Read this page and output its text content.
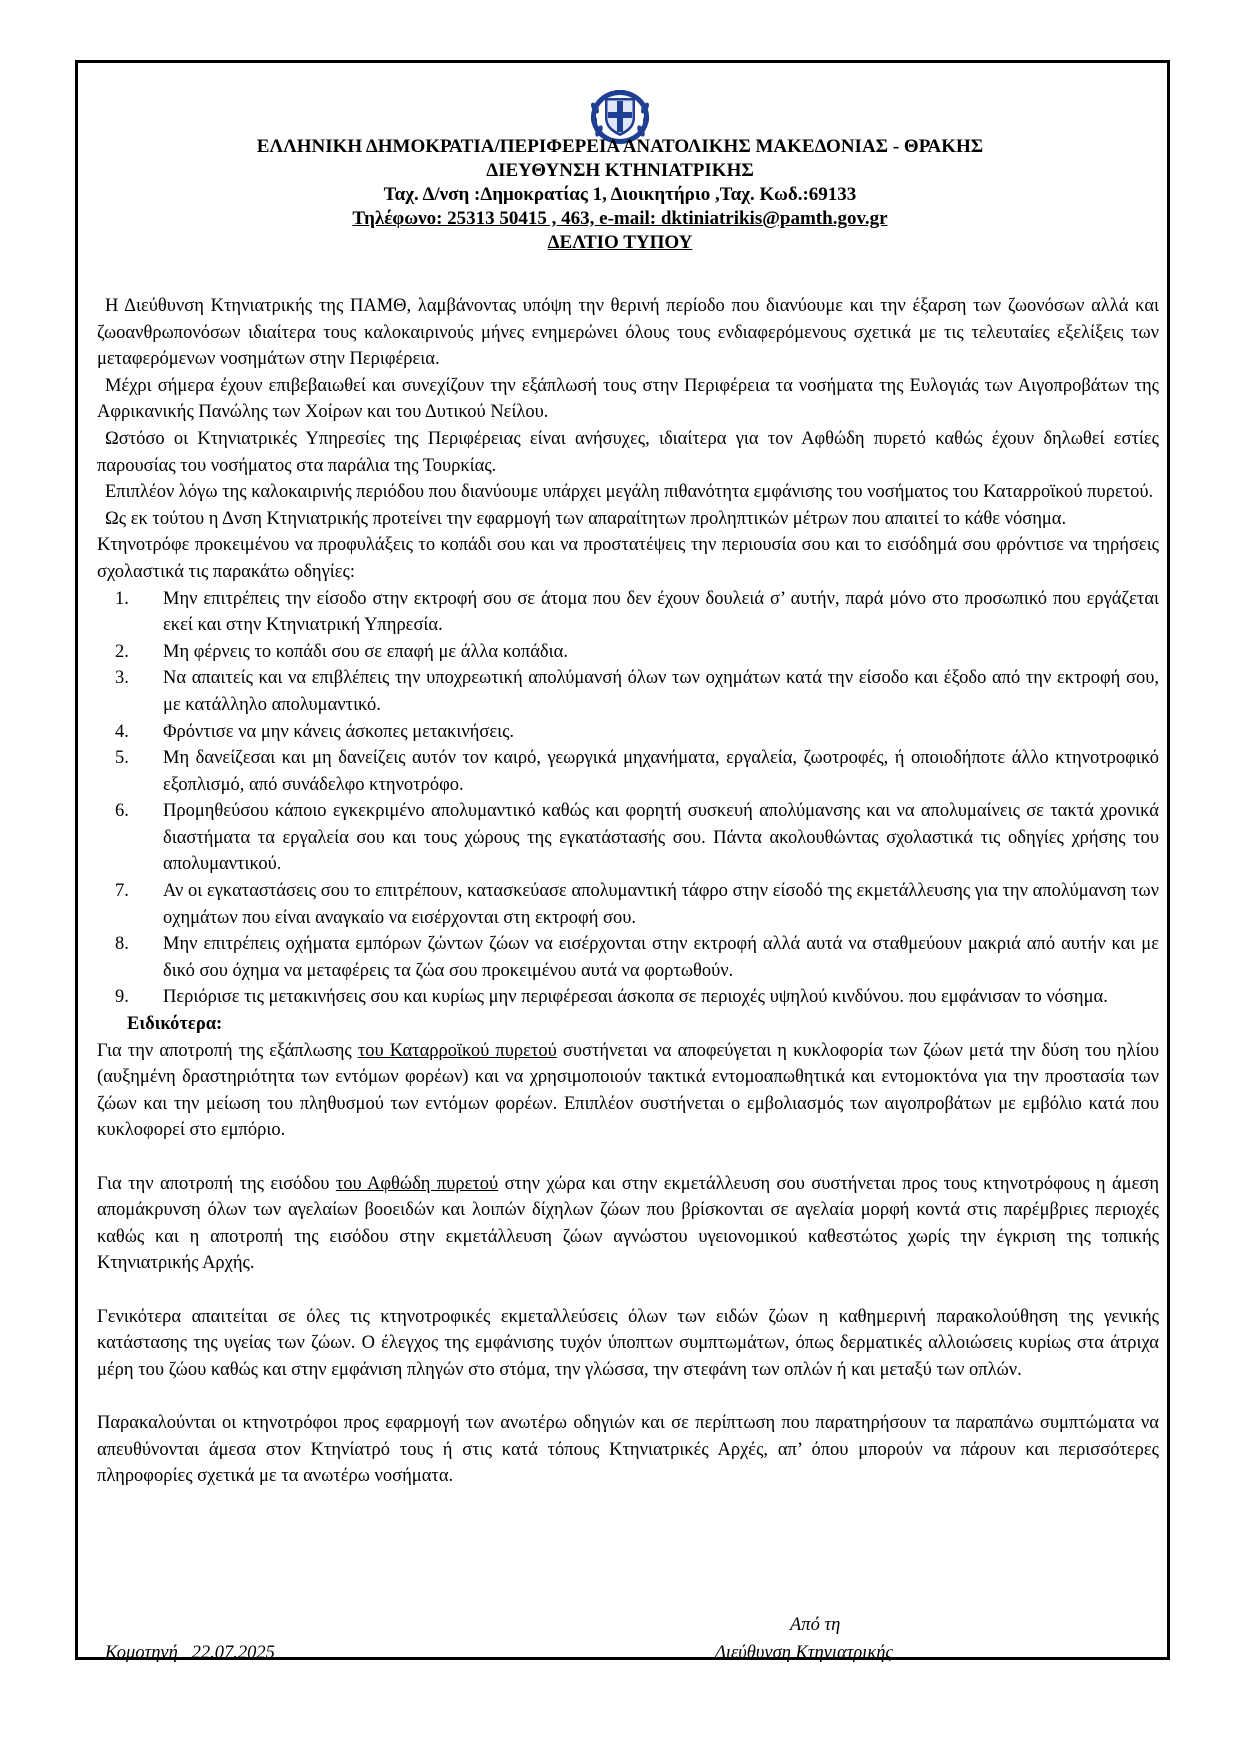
ΕΛΛΗΝΙΚΗ ΔΗΜΟΚΡΑΤΙΑ/ΠΕΡΙΦΕΡΕΙΑ ΑΝΑΤΟΛΙΚΗΣ ΜΑΚΕΔΟΝΙΑΣ - ΘΡΑΚΗΣ
ΔΙΕΥΘΥΝΣΗ ΚΤΗΝΙΑΤΡΙΚΗΣ
Ταχ. Δ/νση :Δημοκρατίας 1, Διοικητήριο ,Ταχ. Κωδ.:69133
Τηλέφωνο: 25313 50415 , 463, e-mail: dktiniatrikis@pamth.gov.gr
ΔΕΛΤΙΟ ΤΥΠΟΥ

Η Διεύθυνση Κτηνιατρικής της ΠΑΜΘ, λαμβάνοντας υπόψη την θερινή περίοδο που διανύουμε και την έξαρση των ζωονόσων αλλά και ζωοανθρωπονόσων ιδιαίτερα τους καλοκαιρινούς μήνες ενημερώνει όλους τους ενδιαφερόμενους σχετικά με τις τελευταίες εξελίξεις των μεταφερόμενων νοσημάτων στην Περιφέρεια.

Μέχρι σήμερα έχουν επιβεβαιωθεί και συνεχίζουν την εξάπλωσή τους στην Περιφέρεια τα νοσήματα της Ευλογιάς των Αιγοπροβάτων της Αφρικανικής Πανώλης των Χοίρων και του Δυτικού Νείλου.

Ωστόσο οι Κτηνιατρικές Υπηρεσίες της Περιφέρειας είναι ανήσυχες, ιδιαίτερα για τον Αφθώδη πυρετό καθώς έχουν δηλωθεί εστίες παρουσίας του νοσήματος στα παράλια της Τουρκίας.

Επιπλέον λόγω της καλοκαιρινής περιόδου που διανύουμε υπάρχει μεγάλη πιθανότητα εμφάνισης του νοσήματος του Καταρροϊκού πυρετού.

Ως εκ τούτου η Δνση Κτηνιατρικής προτείνει την εφαρμογή των απαραίτητων προληπτικών μέτρων που απαιτεί το κάθε νόσημα.

Κτηνοτρόφε προκειμένου να προφυλάξεις το κοπάδι σου και να προστατέψεις την περιουσία σου και το εισόδημά σου φρόντισε να τηρήσεις σχολαστικά τις παρακάτω οδηγίες:

1.	Μην επιτρέπεις την είσοδο στην εκτροφή σου σε άτομα που δεν έχουν δουλειά σ’ αυτήν, παρά μόνο στο προσωπικό που εργάζεται εκεί και στην Κτηνιατρική Υπηρεσία.
2.	Μη φέρνεις το κοπάδι σου σε επαφή με άλλα κοπάδια.
3.	Να απαιτείς και να επιβλέπεις την υποχρεωτική απολύμανσή όλων των οχημάτων κατά την είσοδο και έξοδο από την εκτροφή σου, με κατάλληλο απολυμαντικό.
4.	Φρόντισε να μην κάνεις άσκοπες μετακινήσεις.
5.	Μη δανείζεσαι και μη δανείζεις αυτόν τον καιρό, γεωργικά μηχανήματα, εργαλεία, ζωοτροφές, ή οποιοδήποτε άλλο κτηνοτροφικό εξοπλισμό, από συνάδελφο κτηνοτρόφο.
6.	Προμηθεύσου κάποιο εγκεκριμένο απολυμαντικό καθώς και φορητή συσκευή απολύμανσης και να απολυμαίνεις σε τακτά χρονικά διαστήματα τα εργαλεία σου και τους χώρους της εγκατάστασής σου. Πάντα ακολουθώντας σχολαστικά τις οδηγίες χρήσης του απολυμαντικού.
7.	Αν οι εγκαταστάσεις σου το επιτρέπουν, κατασκεύασε απολυμαντική τάφρο στην είσοδό της εκμετάλλευσης για την απολύμανση των οχημάτων που είναι αναγκαίο να εισέρχονται στη εκτροφή σου.
8.	Μην επιτρέπεις οχήματα εμπόρων ζώντων ζώων να εισέρχονται στην εκτροφή αλλά αυτά να σταθμεύουν μακριά από αυτήν και με δικό σου όχημα να μεταφέρεις τα ζώα σου προκειμένου αυτά να φορτωθούν.
9.	Περιόρισε τις μετακινήσεις σου και κυρίως μην περιφέρεσαι άσκοπα σε περιοχές υψηλού κινδύνου. που εμφάνισαν το νόσημα.

Ειδικότερα:

Για την αποτροπή της εξάπλωσης του Καταρροϊκού πυρετού συστήνεται να αποφεύγεται η κυκλοφορία των ζώων μετά την δύση του ηλίου (αυξημένη δραστηριότητα των εντόμων φορέων) και να χρησιμοποιούν τακτικά εντομοαπωθητικά και εντομοκτόνα για την προστασία των ζώων και την μείωση του πληθυσμού των εντόμων φορέων. Επιπλέον συστήνεται ο εμβολιασμός των αιγοπροβάτων με εμβόλιο κατά που κυκλοφορεί στο εμπόριο.

Για την αποτροπή της εισόδου του Αφθώδη πυρετού στην χώρα και στην εκμετάλλευση σου συστήνεται προς τους κτηνοτρόφους η άμεση απομάκρυνση όλων των αγελαίων βοοειδών και λοιπών δίχηλων ζώων που βρίσκονται σε αγελαία μορφή κοντά στις παρέμβριες περιοχές καθώς και η αποτροπή της εισόδου στην εκμετάλλευση ζώων αγνώστου υγειονομικού καθεστώτος χωρίς την έγκριση της τοπικής Κτηνιατρικής Αρχής.

Γενικότερα απαιτείται σε όλες τις κτηνοτροφικές εκμεταλλεύσεις όλων των ειδών ζώων η καθημερινή παρακολούθηση της γενικής κατάστασης της υγείας των ζώων. Ο έλεγχος της εμφάνισης τυχόν ύποπτων συμπτωμάτων, όπως δερματικές αλλοιώσεις κυρίως στα άτριχα μέρη του ζώου καθώς και στην εμφάνιση πληγών στο στόμα, την γλώσσα, την στεφάνη των οπλών ή και μεταξύ των οπλών.

Παρακαλούνται οι κτηνοτρόφοι προς εφαρμογή των ανωτέρω οδηγιών και σε περίπτωση που παρατηρήσουν τα παραπάνω συμπτώματα να απευθύνονται άμεσα στον Κτηνίατρό τους ή στις κατά τόπους Κτηνιατρικές Αρχές, απ’ όπου μπορούν να πάρουν και περισσότερες πληροφορίες σχετικά με τα ανωτέρω νοσήματα.

Από τη
Διεύθυνση Κτηνιατρικής
Κομοτηνή   22.07.2025
